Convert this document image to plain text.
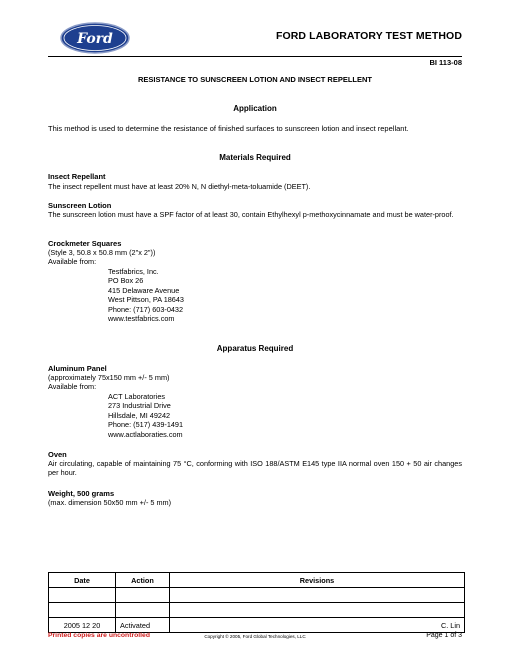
Ford	FORD LABORATORY TEST METHOD
BI 113-08
RESISTANCE TO SUNSCREEN LOTION AND INSECT REPELLENT
Application
This method is used to determine the resistance of finished surfaces to sunscreen lotion and insect repellant.
Materials Required
Insect Repellant
The insect repellent must have at least 20% N, N diethyl-meta-toluamide (DEET).
Sunscreen Lotion
The sunscreen lotion must have a SPF factor of at least 30, contain Ethylhexyl p-methoxycinnamate and must be water-proof.
Crockmeter Squares
(Style 3, 50.8 x 50.8 mm (2"x 2"))
Available from:
Testfabrics, Inc.
PO Box 26
415 Delaware Avenue
West Pittson, PA 18643
Phone: (717) 603-0432
www.testfabrics.com
Apparatus Required
Aluminum Panel
(approximately 75x150 mm +/- 5 mm)
Available from:
ACT Laboratories
273 Industrial Drive
Hillsdale, MI 49242
Phone: (517) 439-1491
www.actlaboraties.com
Oven
Air circulating, capable of maintaining 75 °C, conforming with ISO 188/ASTM E145 type IIA normal oven 150 + 50 air changes per hour.
Weight, 500 grams
(max. dimension 50x50 mm +/- 5 mm)
Date	Action	Revisions

2005 12 20	Activated	C. Lin
Printed copies are uncontrolled	Copyright © 2005, Ford Global Technologies, LLC	Page 1 of 3
